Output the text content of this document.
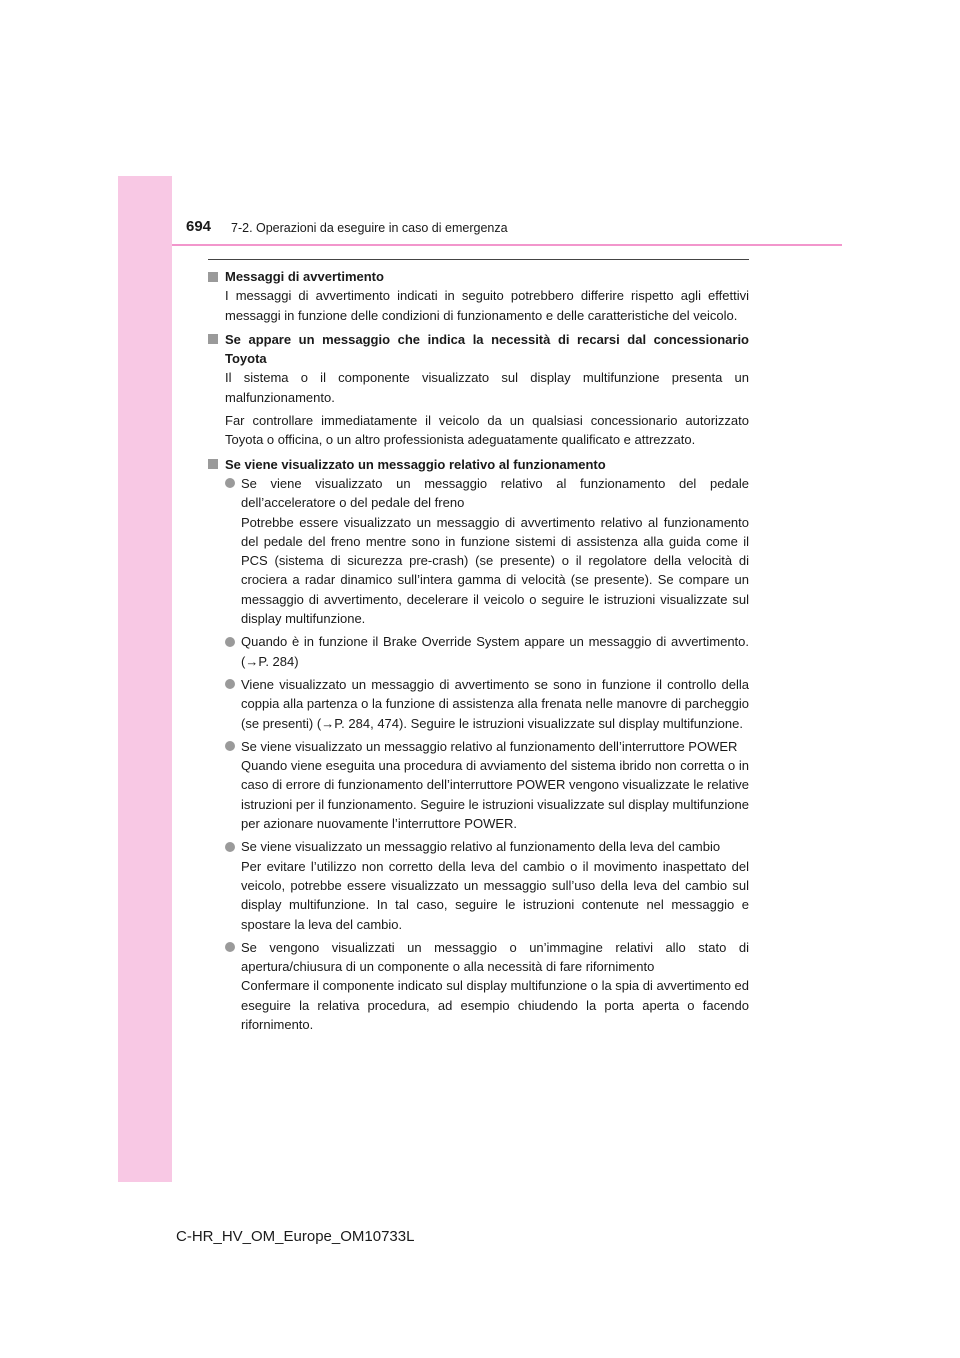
694 7-2. Operazioni da eseguire in caso di emergenza
Messaggi di avvertimento
I messaggi di avvertimento indicati in seguito potrebbero differire rispetto agli effettivi messaggi in funzione delle condizioni di funzionamento e delle caratteristiche del veicolo.
Se appare un messaggio che indica la necessità di recarsi dal concessionario Toyota
Il sistema o il componente visualizzato sul display multifunzione presenta un malfunzionamento.
Far controllare immediatamente il veicolo da un qualsiasi concessionario autorizzato Toyota o officina, o un altro professionista adeguatamente qualificato e attrezzato.
Se viene visualizzato un messaggio relativo al funzionamento
Se viene visualizzato un messaggio relativo al funzionamento del pedale dell’acceleratore o del pedale del freno
Potrebbe essere visualizzato un messaggio di avvertimento relativo al funzionamento del pedale del freno mentre sono in funzione sistemi di assistenza alla guida come il PCS (sistema di sicurezza pre-crash) (se presente) o il regolatore della velocità di crociera a radar dinamico sull’intera gamma di velocità (se presente). Se compare un messaggio di avvertimento, decelerare il veicolo o seguire le istruzioni visualizzate sul display multifunzione.
Quando è in funzione il Brake Override System appare un messaggio di avvertimento. (→P. 284)
Viene visualizzato un messaggio di avvertimento se sono in funzione il controllo della coppia alla partenza o la funzione di assistenza alla frenata nelle manovre di parcheggio (se presenti) (→P. 284, 474). Seguire le istruzioni visualizzate sul display multifunzione.
Se viene visualizzato un messaggio relativo al funzionamento dell’interruttore POWER
Quando viene eseguita una procedura di avviamento del sistema ibrido non corretta o in caso di errore di funzionamento dell’interruttore POWER vengono visualizzate le relative istruzioni per il funzionamento. Seguire le istruzioni visualizzate sul display multifunzione per azionare nuovamente l’interruttore POWER.
Se viene visualizzato un messaggio relativo al funzionamento della leva del cambio
Per evitare l’utilizzo non corretto della leva del cambio o il movimento inaspettato del veicolo, potrebbe essere visualizzato un messaggio sull’uso della leva del cambio sul display multifunzione. In tal caso, seguire le istruzioni contenute nel messaggio e spostare la leva del cambio.
Se vengono visualizzati un messaggio o un’immagine relativi allo stato di apertura/chiusura di un componente o alla necessità di fare rifornimento
Confermare il componente indicato sul display multifunzione o la spia di avvertimento ed eseguire la relativa procedura, ad esempio chiudendo la porta aperta o facendo rifornimento.
C-HR_HV_OM_Europe_OM10733L
